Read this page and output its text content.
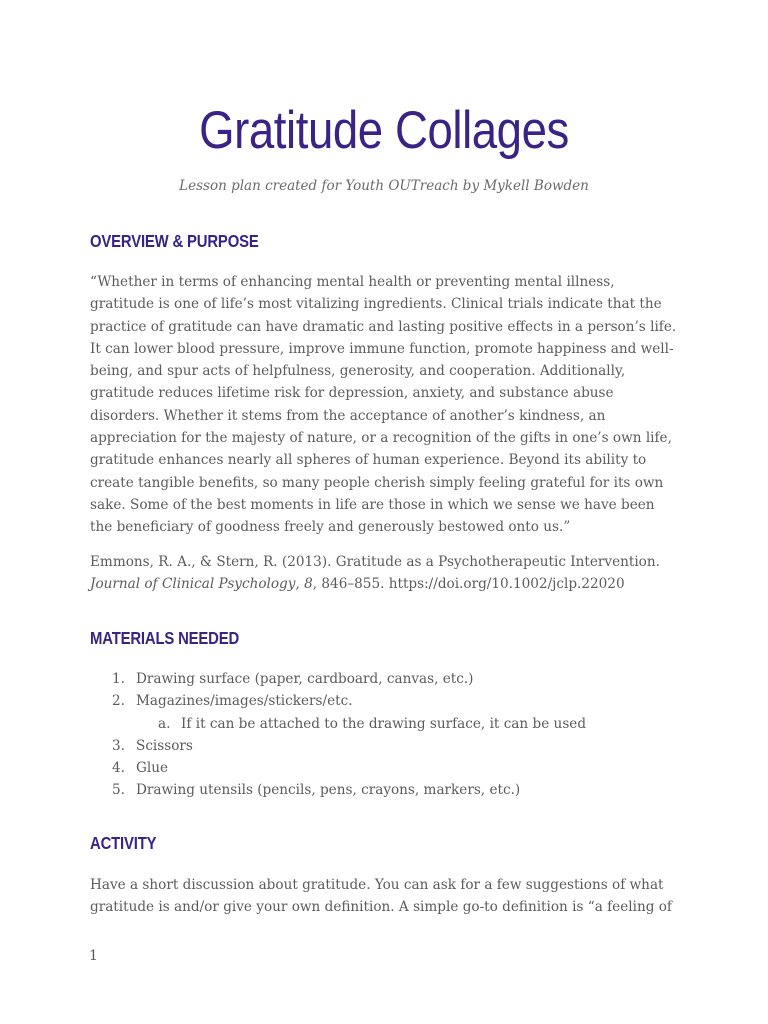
Gratitude Collages

Lesson plan created for Youth OUTreach by Mykell Bowden

OVERVIEW & PURPOSE

“Whether in terms of enhancing mental health or preventing mental illness, gratitude is one of life’s most vitalizing ingredients. Clinical trials indicate that the practice of gratitude can have dramatic and lasting positive effects in a person’s life. It can lower blood pressure, improve immune function, promote happiness and well-being, and spur acts of helpfulness, generosity, and cooperation. Additionally, gratitude reduces lifetime risk for depression, anxiety, and substance abuse disorders. Whether it stems from the acceptance of another’s kindness, an appreciation for the majesty of nature, or a recognition of the gifts in one’s own life, gratitude enhances nearly all spheres of human experience. Beyond its ability to create tangible benefits, so many people cherish simply feeling grateful for its own sake. Some of the best moments in life are those in which we sense we have been the beneficiary of goodness freely and generously bestowed onto us.”

Emmons, R. A., & Stern, R. (2013). Gratitude as a Psychotherapeutic Intervention. Journal of Clinical Psychology, 8, 846–855. https://doi.org/10.1002/jclp.22020

MATERIALS NEEDED
1. Drawing surface (paper, cardboard, canvas, etc.)
2. Magazines/images/stickers/etc.
a. If it can be attached to the drawing surface, it can be used
3. Scissors
4. Glue
5. Drawing utensils (pencils, pens, crayons, markers, etc.)
ACTIVITY

Have a short discussion about gratitude. You can ask for a few suggestions of what gratitude is and/or give your own definition. A simple go-to definition is “a feeling of

1
